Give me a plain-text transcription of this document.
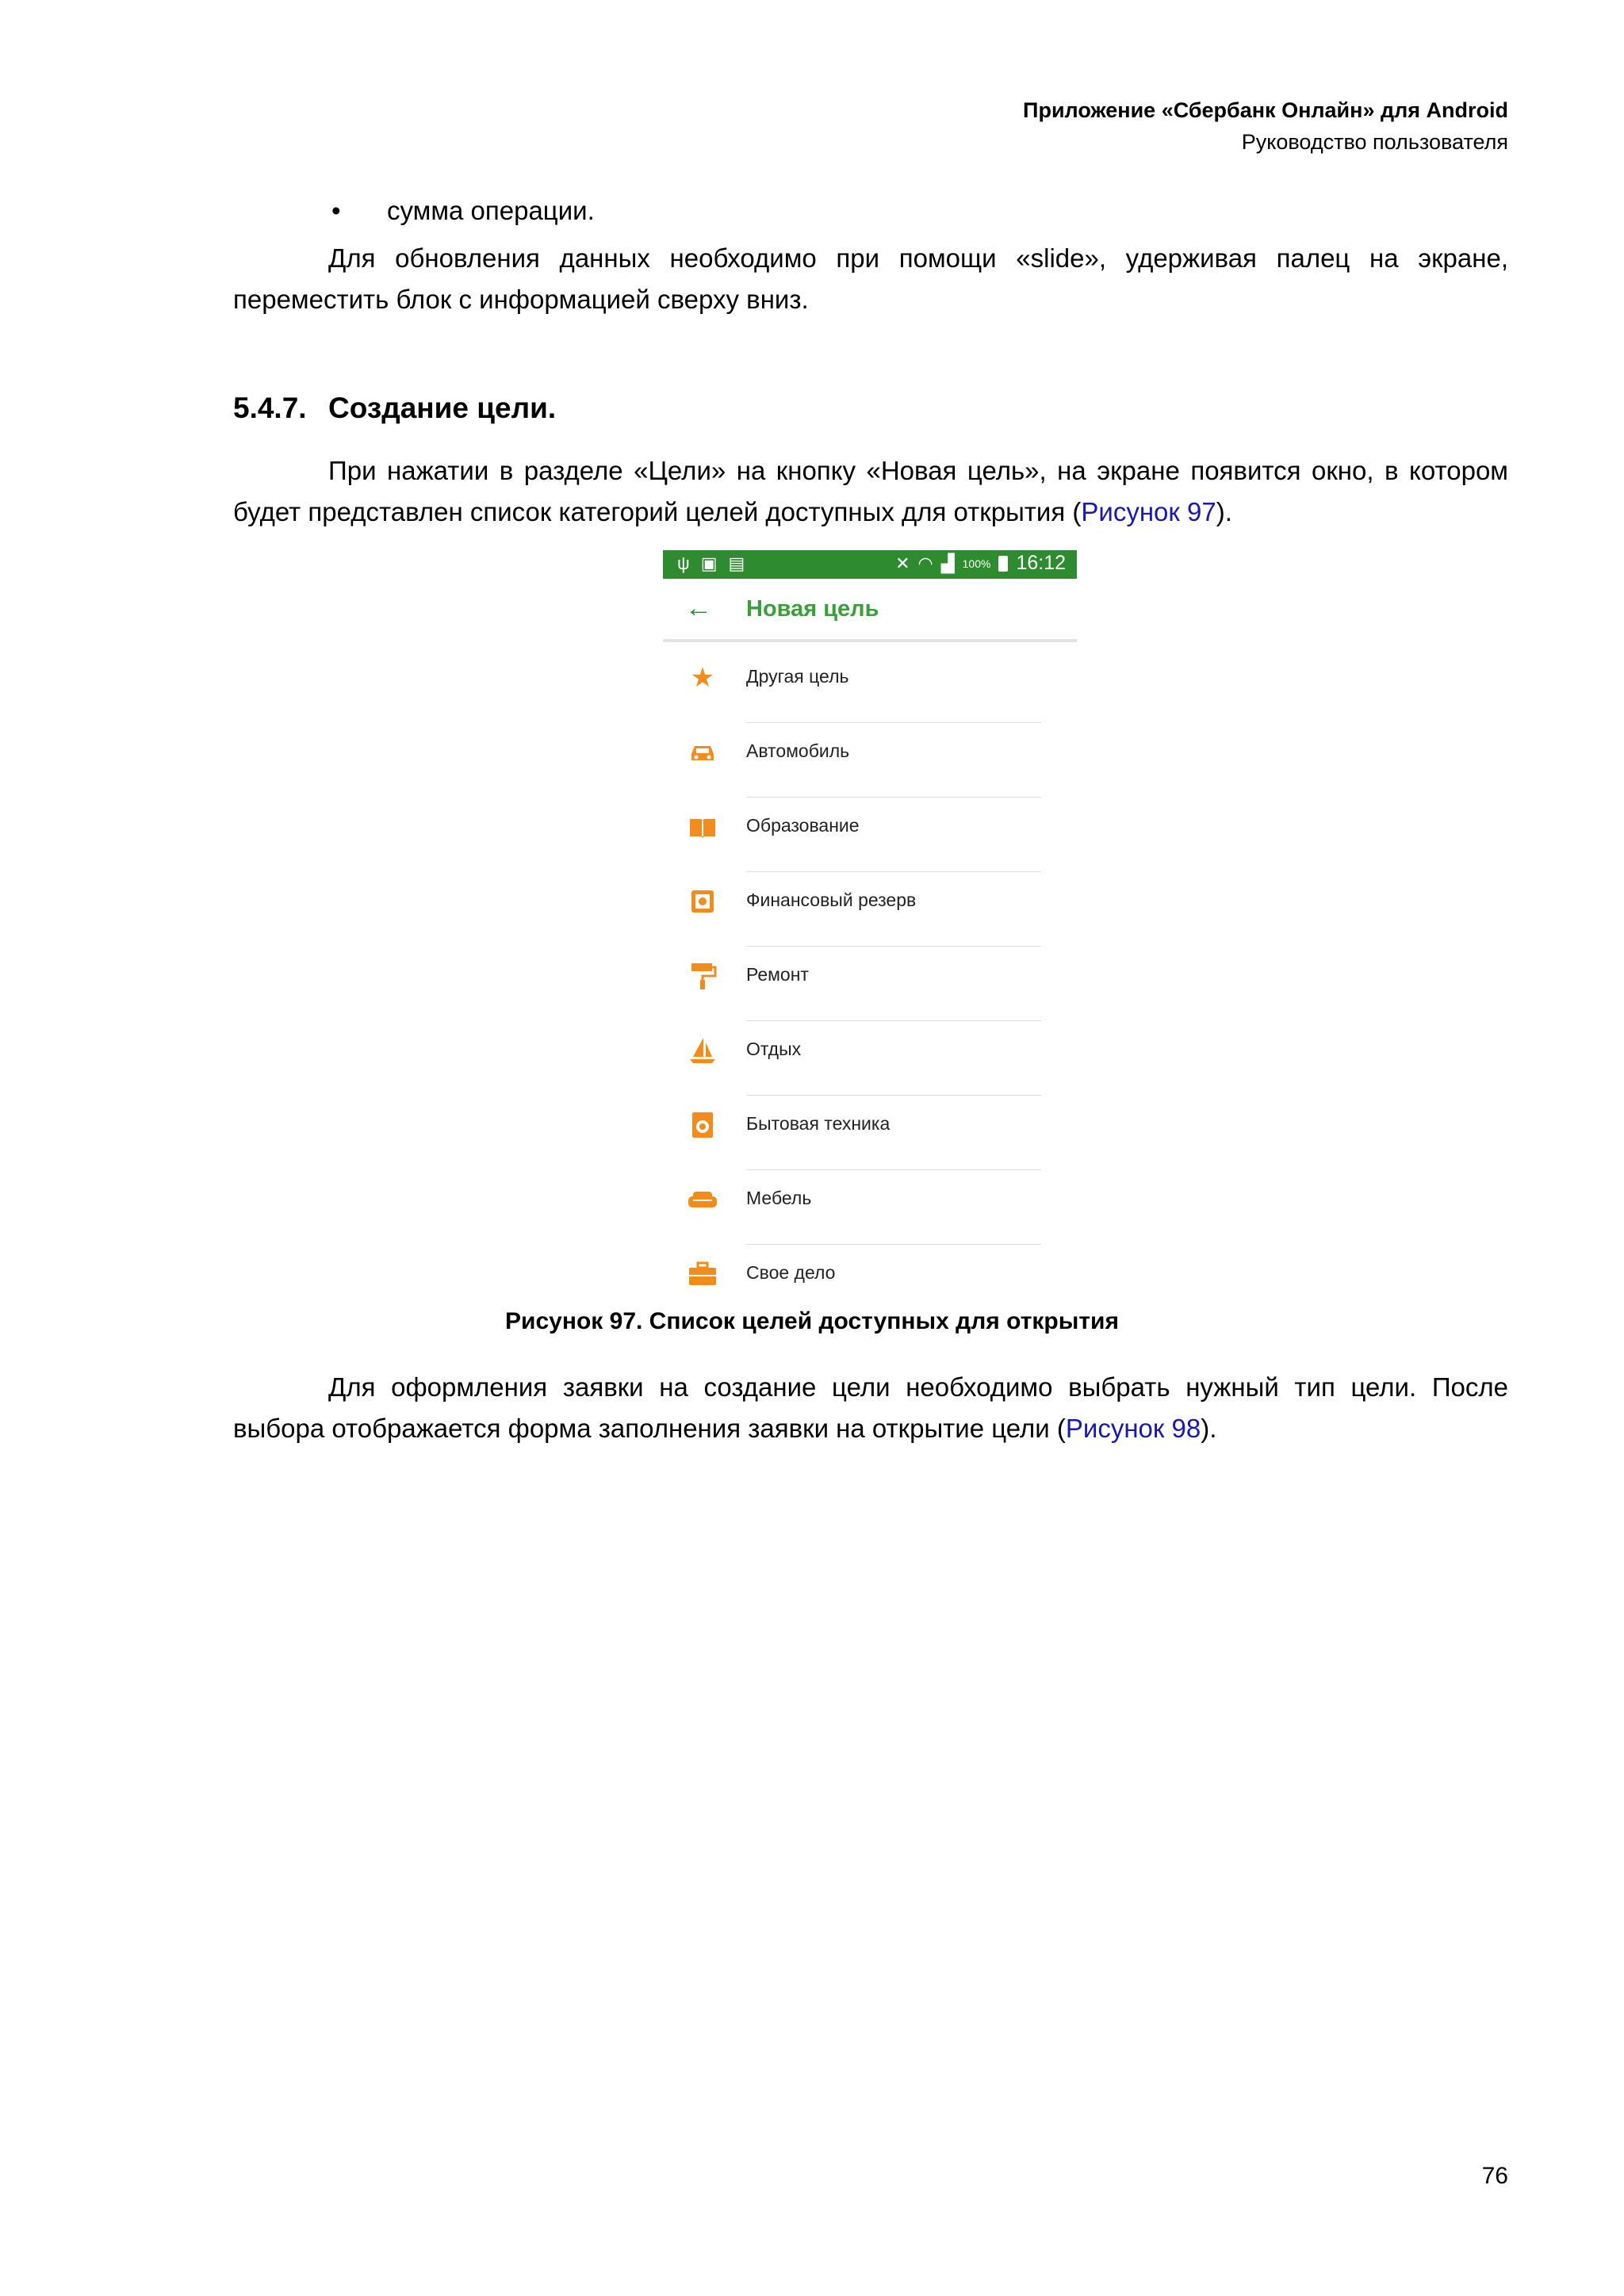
Приложение «Сбербанк Онлайн» для Android
Руководство пользователя
• сумма операции.
Для обновления данных необходимо при помощи «slide», удерживая палец на экране, переместить блок с информацией сверху вниз.
5.4.7. Создание цели.
При нажатии в разделе «Цели» на кнопку «Новая цель», на экране появится окно, в котором будет представлен список категорий целей доступных для открытия (Рисунок 97).
ψ ▣ ▤	✕ ◠ ▟ 100% 16:12
← Новая цель
★ Другая цель
Автомобиль
Образование
Финансовый резерв
Ремонт
Отдых
Бытовая техника
Мебель
Свое дело
Рисунок 97. Список целей доступных для открытия
Для оформления заявки на создание цели необходимо выбрать нужный тип цели. После выбора отображается форма заполнения заявки на открытие цели (Рисунок 98).
76
